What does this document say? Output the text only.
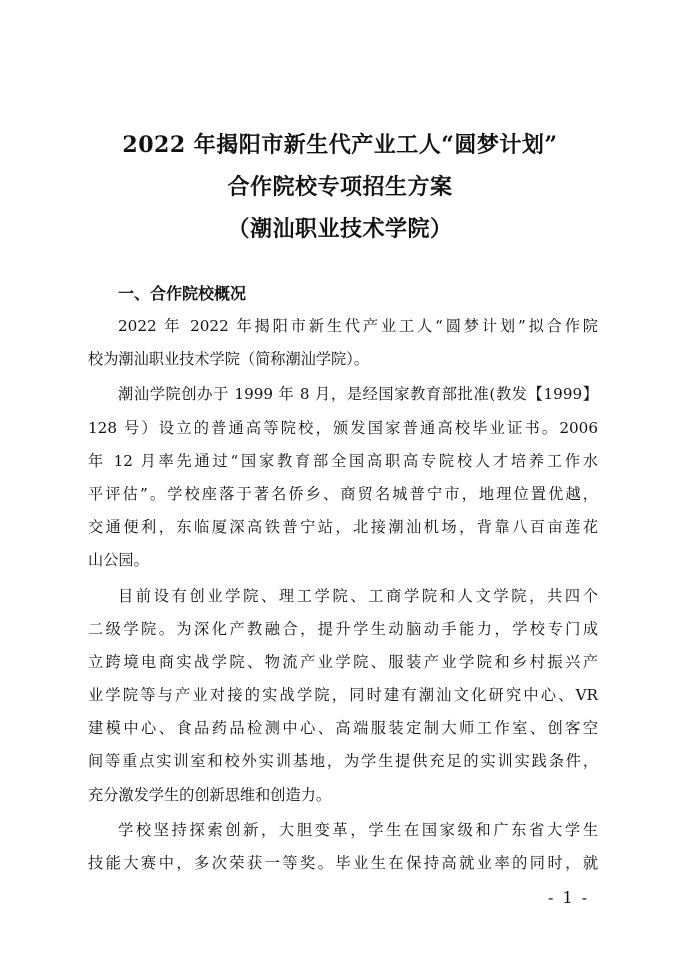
2022 年揭阳市新生代产业工人“圆梦计划”
合作院校专项招生方案
（潮汕职业技术学院）
一、合作院校概况
2022 年 2022 年揭阳市新生代产业工人“圆梦计划”拟合作院
校为潮汕职业技术学院（简称潮汕学院）。
潮汕学院创办于 1999 年 8 月，是经国家教育部批准(教发【1999】
128 号）设立的普通高等院校，颁发国家普通高校毕业证书。2006
年 12 月率先通过“国家教育部全国高职高专院校人才培养工作水
平评估”。学校座落于著名侨乡、商贸名城普宁市，地理位置优越，
交通便利，东临厦深高铁普宁站，北接潮汕机场，背靠八百亩莲花
山公园。
目前设有创业学院、理工学院、工商学院和人文学院，共四个
二级学院。为深化产教融合，提升学生动脑动手能力，学校专门成
立跨境电商实战学院、物流产业学院、服装产业学院和乡村振兴产
业学院等与产业对接的实战学院，同时建有潮汕文化研究中心、VR
建模中心、食品药品检测中心、高端服装定制大师工作室、创客空
间等重点实训室和校外实训基地，为学生提供充足的实训实践条件，
充分激发学生的创新思维和创造力。
学校坚持探索创新，大胆变革，学生在国家级和广东省大学生
技能大赛中，多次荣获一等奖。毕业生在保持高就业率的同时，就
- 1 -
